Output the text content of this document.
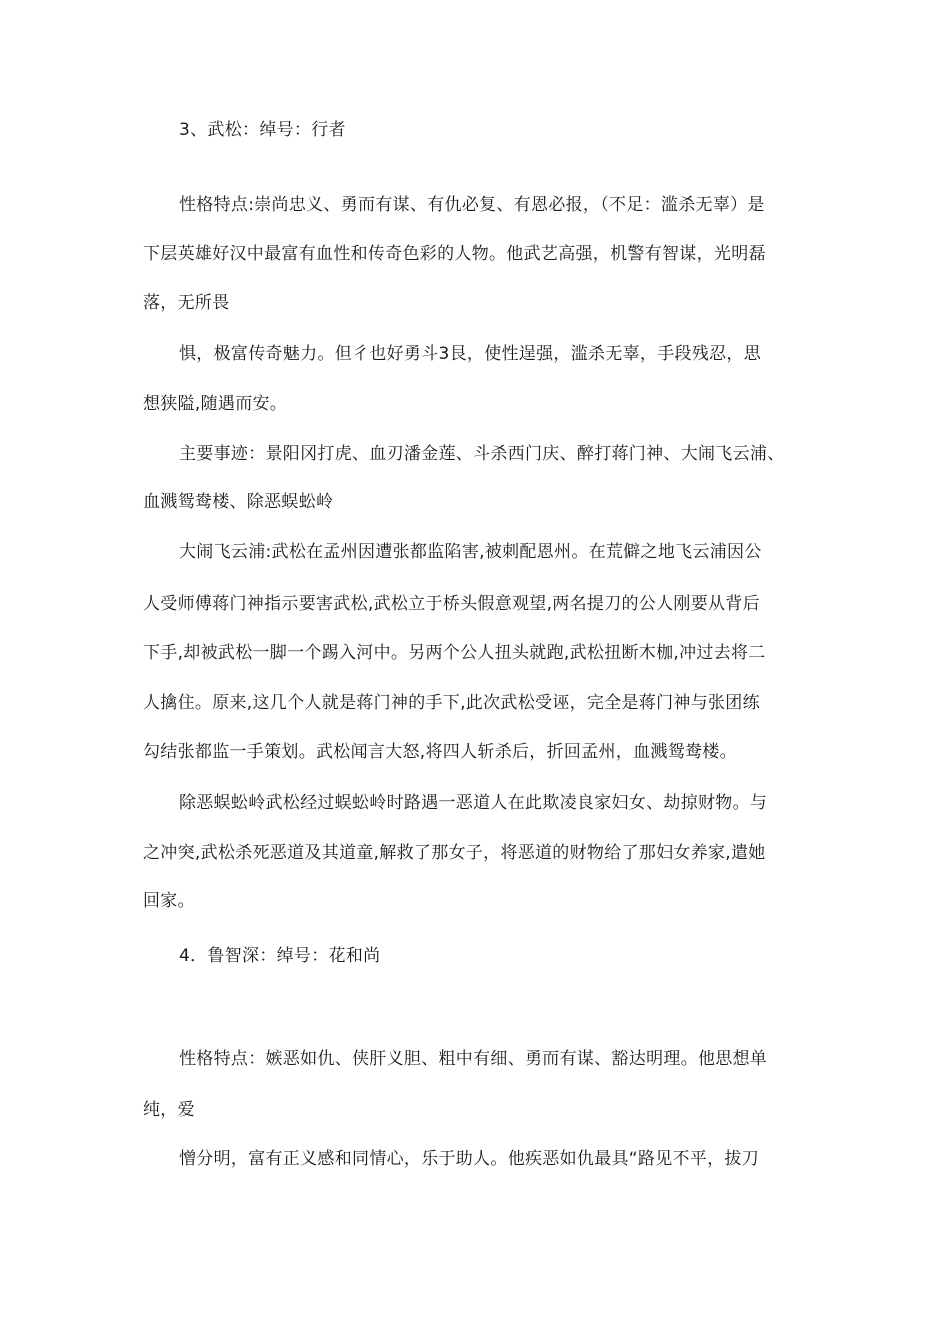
3、武松：绰号：行者
性格特点:崇尚忠义、勇而有谋、有仇必复、有恩必报，（不足：滥杀无辜）是
下层英雄好汉中最富有血性和传奇色彩的人物。他武艺高强，机警有智谋，光明磊
落，无所畏
惧，极富传奇魅力。但彳也好勇斗3艮，使性逞强，滥杀无辜，手段残忍，思
想狭隘,随遇而安。
主要事迹：景阳冈打虎、血刃潘金莲、斗杀西门庆、醉打蒋门神、大闹飞云浦、
血溅鸳鸯楼、除恶蜈蚣岭
大闹飞云浦:武松在孟州因遭张都监陷害,被刺配恩州。在荒僻之地飞云浦因公
人受师傅蒋门神指示要害武松,武松立于桥头假意观望,两名提刀的公人刚要从背后
下手,却被武松一脚一个踢入河中。另两个公人扭头就跑,武松扭断木枷,冲过去将二
人擒住。原来,这几个人就是蒋门神的手下,此次武松受诬，完全是蒋门神与张团练
勾结张都监一手策划。武松闻言大怒,将四人斩杀后，折回孟州，血溅鸳鸯楼。
除恶蜈蚣岭武松经过蜈蚣岭时路遇一恶道人在此欺凌良家妇女、劫掠财物。与
之冲突,武松杀死恶道及其道童,解救了那女子，将恶道的财物给了那妇女养家,遣她
回家。
4．鲁智深：绰号：花和尚
性格特点：嫉恶如仇、侠肝义胆、粗中有细、勇而有谋、豁达明理。他思想单
纯，爱
憎分明，富有正义感和同情心，乐于助人。他疾恶如仇最具“路见不平，拔刀
